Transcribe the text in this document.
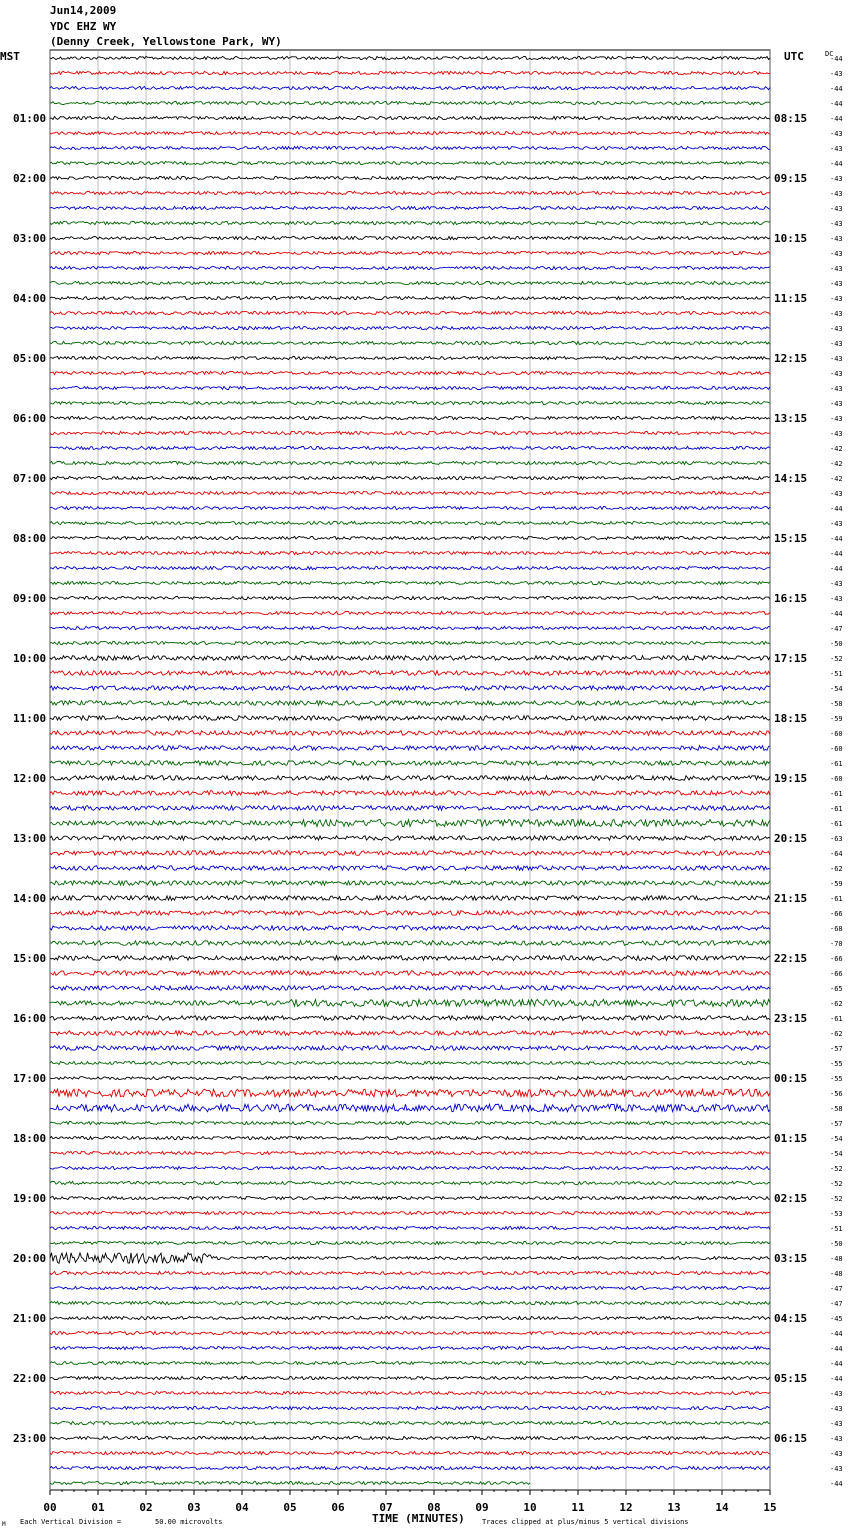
Jun14,2009
YDC EHZ WY
(Denny Creek, Yellowstone Park, WY)
00	01	02	03	04	05	06	07	08	09	10	11	12	13	14	15
-44
-43
-44
-44
-44
-43
-43
-44
-43
-43
-43
-43
-43
-43
-43
-43
-43
-43
-43
-43
-43
-43
-43
-43
-43
-43
-42
-42
-42
-43
-44
-43
-44
-44
-44
-43
-43
-44
-47
-50
-52
-51
-54
-58
-59
-60
-60
-61
-60
-61
-61
-61
-63
-64
-62
-59
-61
-66
-68
-70
-66
-66
-65
-62
-61
-62
-57
-55
-55
-56
-58
-57
-54
-54
-52
-52
-52
-53
-51
-50
-48
-48
-47
-47
-45
-44
-44
-44
-44
-43
-43
-43
-43
-43
-43
-44
01:00	08:15
02:00	09:15
03:00	10:15
04:00	11:15
05:00	12:15
06:00	13:15
07:00	14:15
08:00	15:15
09:00	16:15
10:00	17:15
11:00	18:15
12:00	19:15
13:00	20:15
14:00	21:15
15:00	22:15
16:00	23:15
17:00	00:15
18:00	01:15
19:00	02:15
20:00	03:15
21:00	04:15
22:00	05:15
23:00	06:15
MST	UTC	DC
TIME (MINUTES)
Each Vertical Division =	50.00 microvolts	Traces clipped at plus/minus 5 vertical divisions
M
